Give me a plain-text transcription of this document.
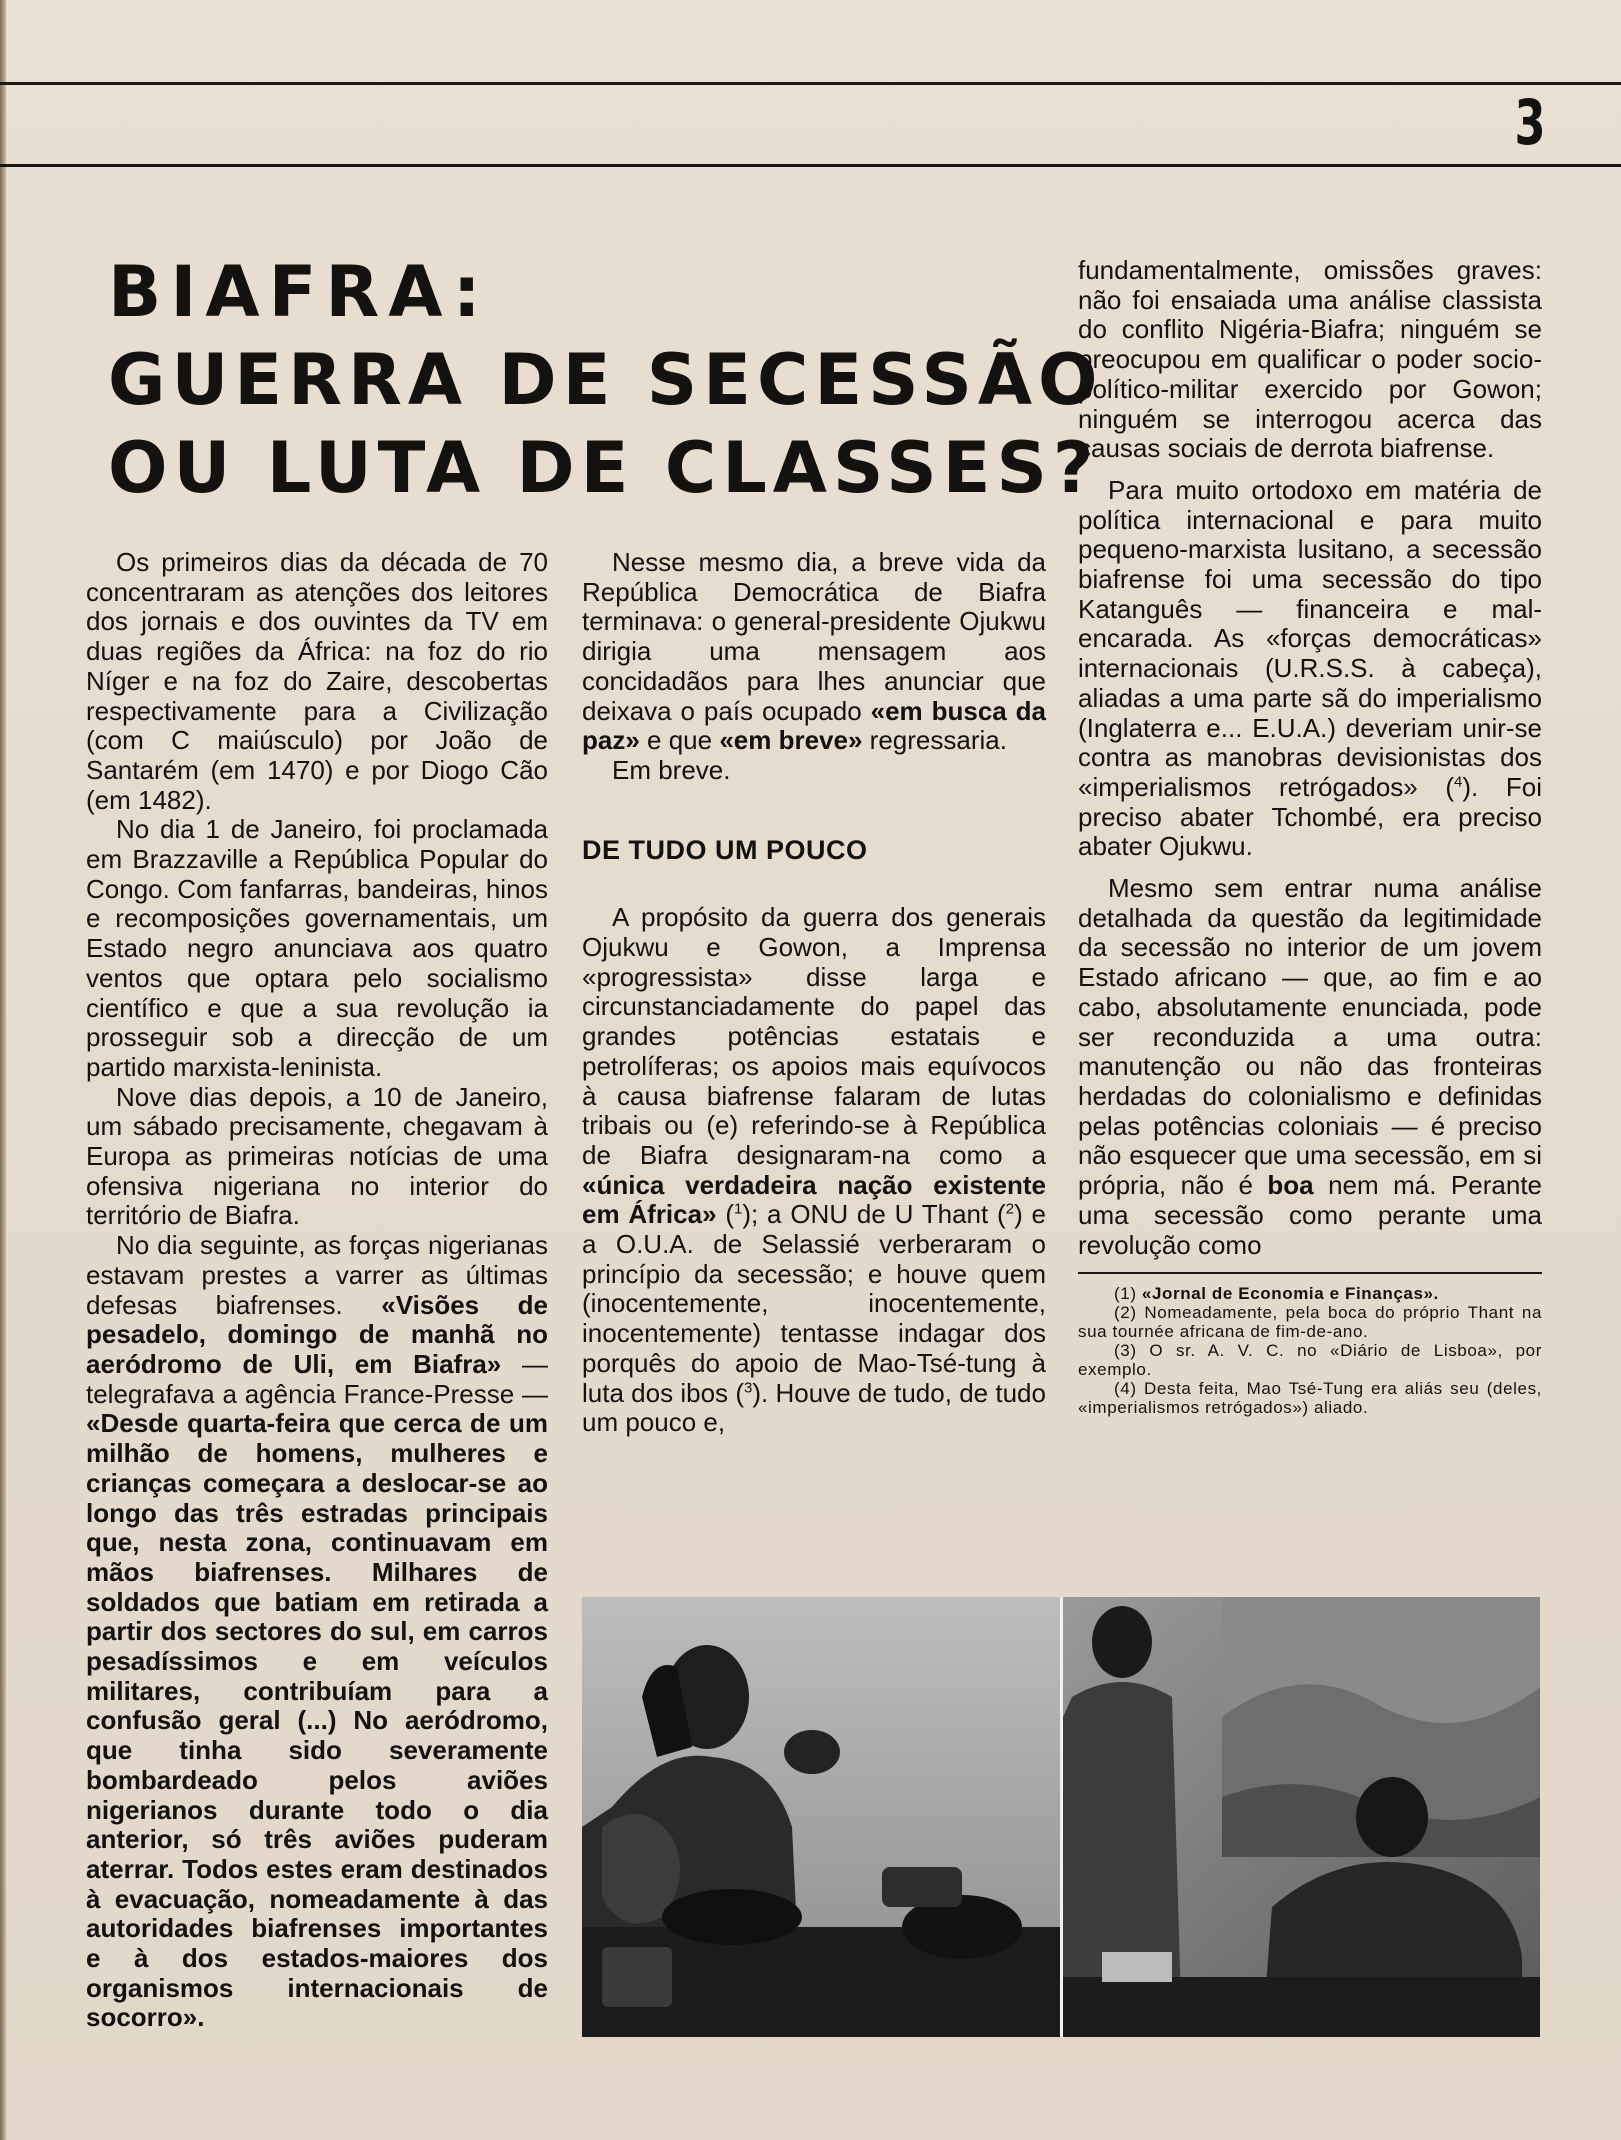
3
BIAFRA:
GUERRA DE SECESSÃO
OU LUTA DE CLASSES?

Os primeiros dias da década de 70 concentraram as atenções dos leitores dos jornais e dos ouvintes da TV em duas regiões da África: na foz do rio Níger e na foz do Zaire, descobertas respectivamente para a Civilização (com C maiúsculo) por João de Santarém (em 1470) e por Diogo Cão (em 1482).

No dia 1 de Janeiro, foi proclamada em Brazzaville a República Popular do Congo. Com fanfarras, bandeiras, hinos e recomposições governamentais, um Estado negro anunciava aos quatro ventos que optara pelo socialismo científico e que a sua revolução ia prosseguir sob a direcção de um partido marxista-leninista.

Nove dias depois, a 10 de Janeiro, um sábado precisamente, chegavam à Europa as primeiras notícias de uma ofensiva nigeriana no interior do território de Biafra.

No dia seguinte, as forças nigerianas estavam prestes a varrer as últimas defesas biafrenses. «Visões de pesadelo, domingo de manhã no aeródromo de Uli, em Biafra» — telegrafava a agência France-Presse — «Desde quarta-feira que cerca de um milhão de homens, mulheres e crianças começara a deslocar-se ao longo das três estradas principais que, nesta zona, continuavam em mãos biafrenses. Milhares de soldados que batiam em retirada a partir dos sectores do sul, em carros pesadíssimos e em veículos militares, contribuíam para a confusão geral (...) No aeródromo, que tinha sido severamente bombardeado pelos aviões nigerianos durante todo o dia anterior, só três aviões puderam aterrar. Todos estes eram destinados à evacuação, nomeadamente à das autoridades biafrenses importantes e à dos estados-maiores dos organismos internacionais de socorro».

Nesse mesmo dia, a breve vida da República Democrática de Biafra terminava: o general-presidente Ojukwu dirigia uma mensagem aos concidadãos para lhes anunciar que deixava o país ocupado «em busca da paz» e que «em breve» regressaria.

Em breve.

DE TUDO UM POUCO

A propósito da guerra dos generais Ojukwu e Gowon, a Imprensa «progressista» disse larga e circunstanciadamente do papel das grandes potências estatais e petrolíferas; os apoios mais equívocos à causa biafrense falaram de lutas tribais ou (e) referindo-se à República de Biafra designaram-na como a «única verdadeira nação existente em África» ($^1$); a ONU de U Thant ($^2$) e a O.U.A. de Selassié verberaram o princípio da secessão; e houve quem (inocentemente, inocentemente, inocentemente) tentasse indagar dos porquês do apoio de Mao-Tsé-tung à luta dos ibos ($^3$). Houve de tudo, de tudo um pouco e,

fundamentalmente, omissões graves: não foi ensaiada uma análise classista do conflito Nigéria-Biafra; ninguém se preocupou em qualificar o poder socio-político-militar exercido por Gowon; ninguém se interrogou acerca das causas sociais de derrota biafrense.

Para muito ortodoxo em matéria de política internacional e para muito pequeno-marxista lusitano, a secessão biafrense foi uma secessão do tipo Katanguês — financeira e mal-encarada. As «forças democráticas» internacionais (U.R.S.S. à cabeça), aliadas a uma parte sã do imperialismo (Inglaterra e... E.U.A.) deveriam unir-se contra as manobras devisionistas dos «imperialismos retrógados» ($^4$). Foi preciso abater Tchombé, era preciso abater Ojukwu.

Mesmo sem entrar numa análise detalhada da questão da legitimidade da secessão no interior de um jovem Estado africano — que, ao fim e ao cabo, absolutamente enunciada, pode ser reconduzida a uma outra: manutenção ou não das fronteiras herdadas do colonialismo e definidas pelas potências coloniais — é preciso não esquecer que uma secessão, em si própria, não é boa nem má. Perante uma secessão como perante uma revolução como

(1) «Jornal de Economia e Finanças».
(2) Nomeadamente, pela boca do próprio Thant na sua tournée africana de fim-de-ano.
(3) O sr. A. V. C. no «Diário de Lisboa», por exemplo.
(4) Desta feita, Mao Tsé-Tung era aliás seu (deles, «imperialismos retrógados») aliado.
